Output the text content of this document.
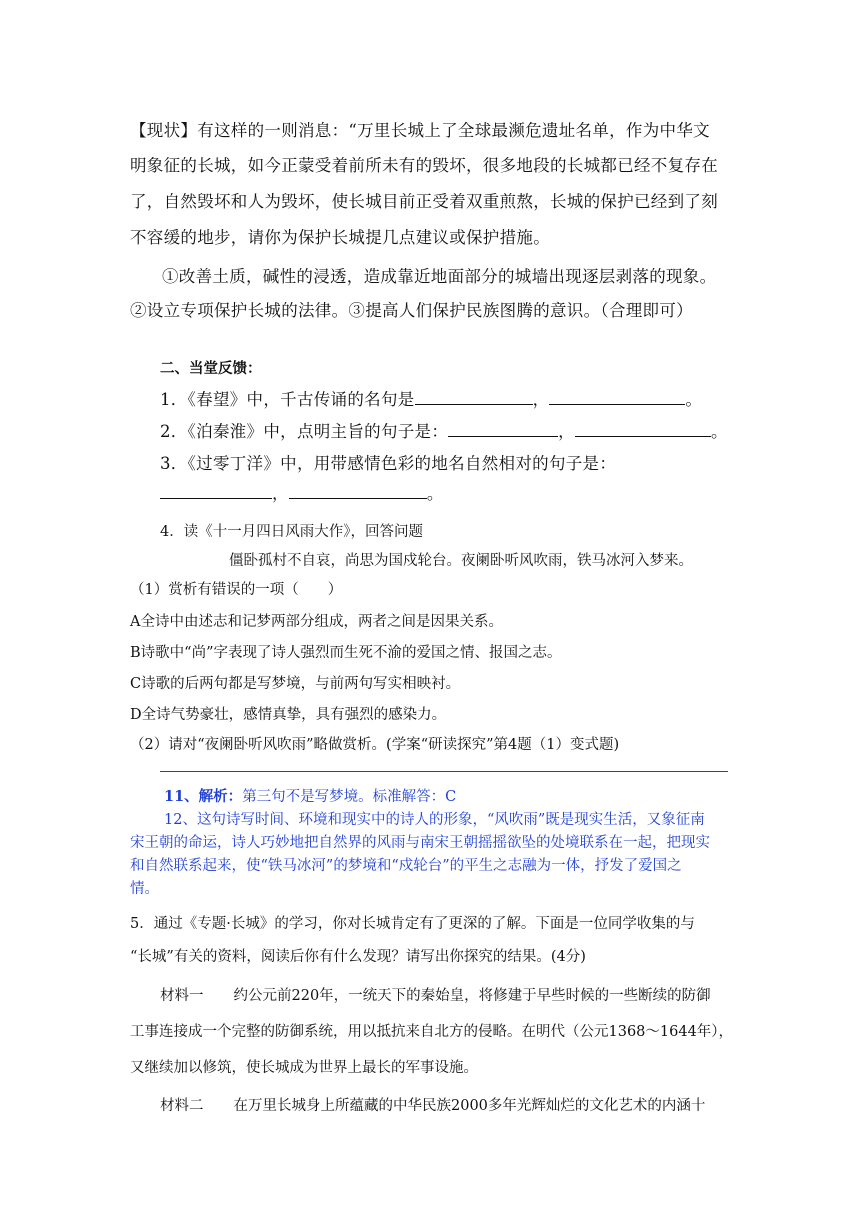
【现状】有这样的一则消息：“万里长城上了全球最濒危遗址名单，作为中华文
明象征的长城，如今正蒙受着前所未有的毁坏，很多地段的长城都已经不复存在
了，自然毁坏和人为毁坏，使长城目前正受着双重煎熬，长城的保护已经到了刻
不容缓的地步，请你为保护长城提几点建议或保护措施。
①改善土质，碱性的浸透，造成靠近地面部分的城墙出现逐层剥落的现象。
②设立专项保护长城的法律。③提高人们保护民族图腾的意识。（合理即可）
二、当堂反馈：
1．《春望》中，千古传诵的名句是	，	。
2．《泊秦淮》中，点明主旨的句子是：	，	。
3．《过零丁洋》中，用带感情色彩的地名自然相对的句子是：
，	。
4．读《十一月四日风雨大作》，回答问题
僵卧孤村不自哀，尚思为国戍轮台。夜阑卧听风吹雨，铁马冰河入梦来。
（1）赏析有错误的一项（　　）
A全诗中由述志和记梦两部分组成，两者之间是因果关系。
B诗歌中“尚”字表现了诗人强烈而生死不渝的爱国之情、报国之志。
C诗歌的后两句都是写梦境，与前两句写实相映衬。
D全诗气势豪壮，感情真挚，具有强烈的感染力。
（2）请对“夜阑卧听风吹雨”略做赏析。(学案“研读探究”第4题（1）变式题)
11、解析：第三句不是写梦境。标准解答：C
12、这句诗写时间、环境和现实中的诗人的形象，“风吹雨”既是现实生活，又象征南
宋王朝的命运，诗人巧妙地把自然界的风雨与南宋王朝摇摇欲坠的处境联系在一起，把现实
和自然联系起来，使“铁马冰河”的梦境和“戍轮台”的平生之志融为一体，抒发了爱国之
情。
5．通过《专题·长城》的学习，你对长城肯定有了更深的了解。下面是一位同学收集的与
“长城”有关的资料，阅读后你有什么发现？请写出你探究的结果。(4分)
材料一 约公元前220年，一统天下的秦始皇，将修建于早些时候的一些断续的防御
工事连接成一个完整的防御系统，用以抵抗来自北方的侵略。在明代（公元1368～1644年），
又继续加以修筑，使长城成为世界上最长的军事设施。
材料二 在万里长城身上所蕴藏的中华民族2000多年光辉灿烂的文化艺术的内涵十
